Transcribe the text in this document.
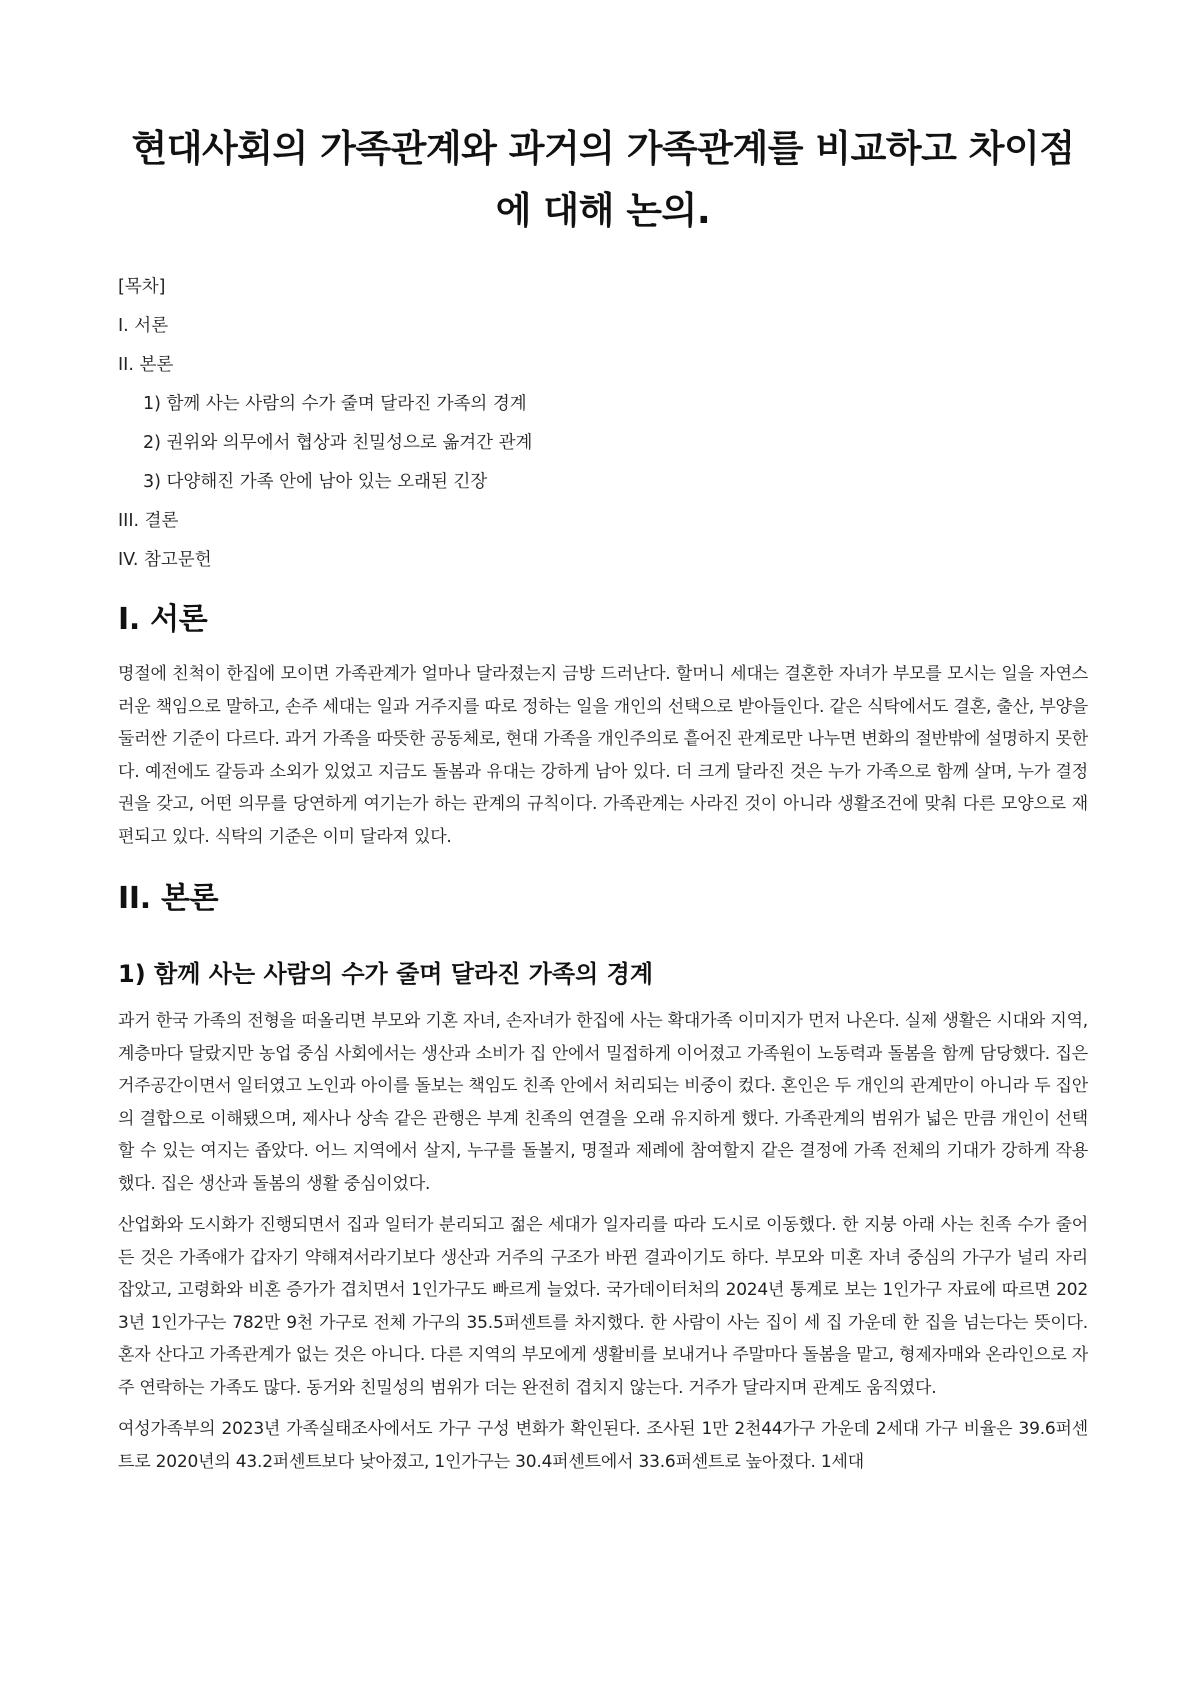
현대사회의 가족관계와 과거의 가족관계를 비교하고 차이점에 대해 논의.
[목차]
I. 서론
II. 본론
1) 함께 사는 사람의 수가 줄며 달라진 가족의 경계
2) 권위와 의무에서 협상과 친밀성으로 옮겨간 관계
3) 다양해진 가족 안에 남아 있는 오래된 긴장
III. 결론
IV. 참고문헌
I. 서론

명절에 친척이 한집에 모이면 가족관계가 얼마나 달라졌는지 금방 드러난다. 할머니 세대는 결혼한 자녀가 부모를 모시는 일을 자연스러운 책임으로 말하고, 손주 세대는 일과 거주지를 따로 정하는 일을 개인의 선택으로 받아들인다. 같은 식탁에서도 결혼, 출산, 부양을 둘러싼 기준이 다르다. 과거 가족을 따뜻한 공동체로, 현대 가족을 개인주의로 흩어진 관계로만 나누면 변화의 절반밖에 설명하지 못한다. 예전에도 갈등과 소외가 있었고 지금도 돌봄과 유대는 강하게 남아 있다. 더 크게 달라진 것은 누가 가족으로 함께 살며, 누가 결정권을 갖고, 어떤 의무를 당연하게 여기는가 하는 관계의 규칙이다. 가족관계는 사라진 것이 아니라 생활조건에 맞춰 다른 모양으로 재편되고 있다. 식탁의 기준은 이미 달라져 있다.

II. 본론
1) 함께 사는 사람의 수가 줄며 달라진 가족의 경계

과거 한국 가족의 전형을 떠올리면 부모와 기혼 자녀, 손자녀가 한집에 사는 확대가족 이미지가 먼저 나온다. 실제 생활은 시대와 지역, 계층마다 달랐지만 농업 중심 사회에서는 생산과 소비가 집 안에서 밀접하게 이어졌고 가족원이 노동력과 돌봄을 함께 담당했다. 집은 거주공간이면서 일터였고 노인과 아이를 돌보는 책임도 친족 안에서 처리되는 비중이 컸다. 혼인은 두 개인의 관계만이 아니라 두 집안의 결합으로 이해됐으며, 제사나 상속 같은 관행은 부계 친족의 연결을 오래 유지하게 했다. 가족관계의 범위가 넓은 만큼 개인이 선택할 수 있는 여지는 좁았다. 어느 지역에서 살지, 누구를 돌볼지, 명절과 제례에 참여할지 같은 결정에 가족 전체의 기대가 강하게 작용했다. 집은 생산과 돌봄의 생활 중심이었다.

산업화와 도시화가 진행되면서 집과 일터가 분리되고 젊은 세대가 일자리를 따라 도시로 이동했다. 한 지붕 아래 사는 친족 수가 줄어든 것은 가족애가 갑자기 약해져서라기보다 생산과 거주의 구조가 바뀐 결과이기도 하다. 부모와 미혼 자녀 중심의 가구가 널리 자리 잡았고, 고령화와 비혼 증가가 겹치면서 1인가구도 빠르게 늘었다. 국가데이터처의 2024년 통계로 보는 1인가구 자료에 따르면 2023년 1인가구는 782만 9천 가구로 전체 가구의 35.5퍼센트를 차지했다. 한 사람이 사는 집이 세 집 가운데 한 집을 넘는다는 뜻이다. 혼자 산다고 가족관계가 없는 것은 아니다. 다른 지역의 부모에게 생활비를 보내거나 주말마다 돌봄을 맡고, 형제자매와 온라인으로 자주 연락하는 가족도 많다. 동거와 친밀성의 범위가 더는 완전히 겹치지 않는다. 거주가 달라지며 관계도 움직였다.

여성가족부의 2023년 가족실태조사에서도 가구 구성 변화가 확인된다. 조사된 1만 2천44가구 가운데 2세대 가구 비율은 39.6퍼센트로 2020년의 43.2퍼센트보다 낮아졌고, 1인가구는 30.4퍼센트에서 33.6퍼센트로 높아졌다. 1세대
